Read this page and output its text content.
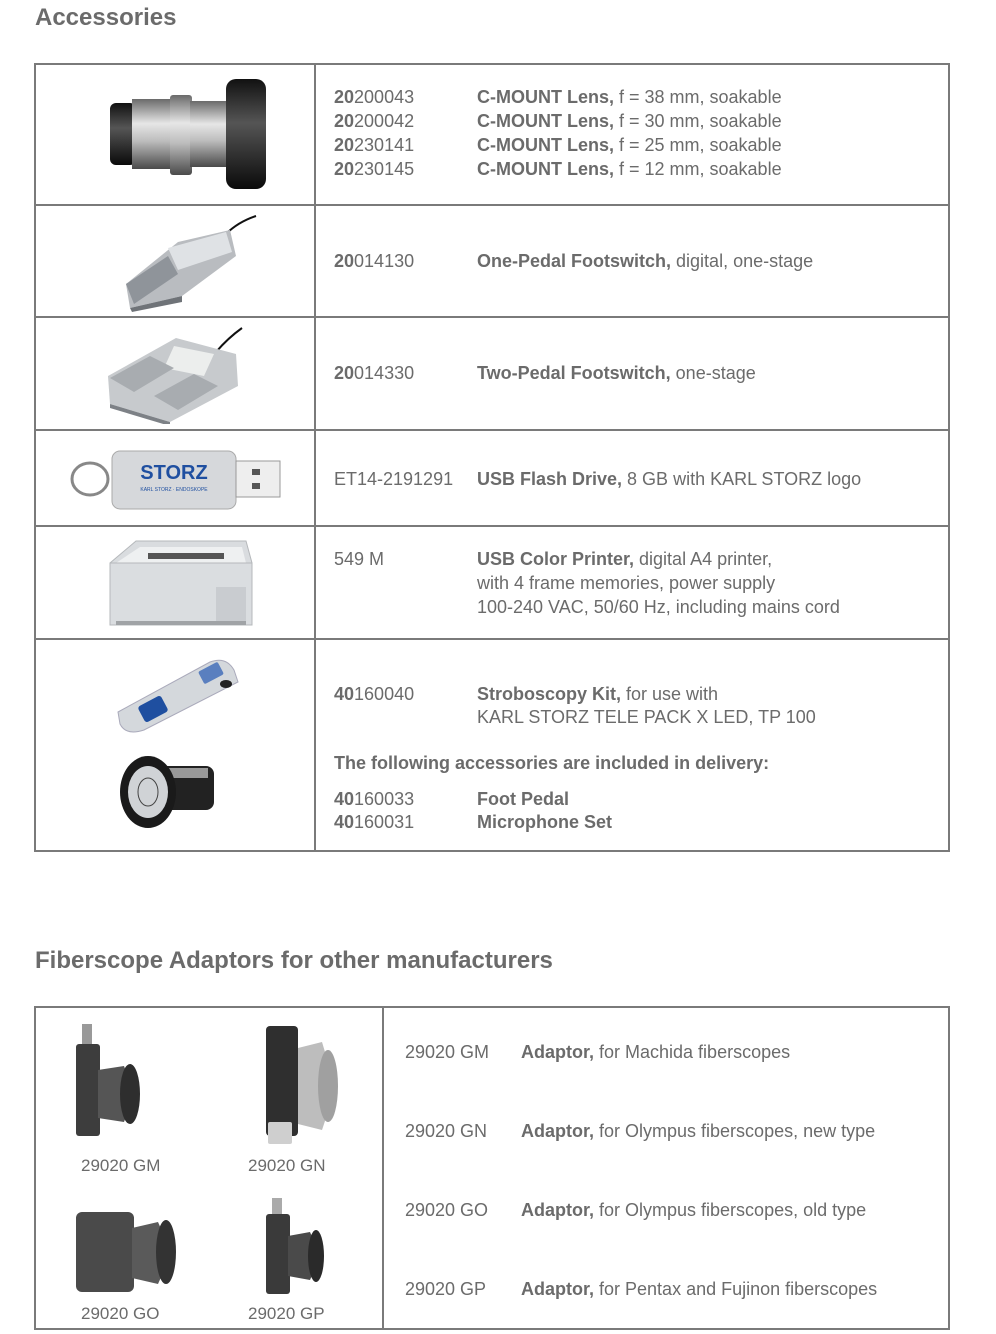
Accessories

20200043 C-MOUNT Lens, f = 38 mm, soakable
20200042 C-MOUNT Lens, f = 30 mm, soakable
20230141 C-MOUNT Lens, f = 25 mm, soakable
20230145 C-MOUNT Lens, f = 12 mm, soakable

20014130 One-Pedal Footswitch, digital, one-stage

20014330 Two-Pedal Footswitch, one-stage

STORZ
KARL STORZ · ENDOSKOPE	ET14-2191291 USB Flash Drive, 8 GB with KARL STORZ logo

549 M USB Color Printer, digital A4 printer,
with 4 frame memories, power supply
100-240 VAC, 50/60 Hz, including mains cord

40160040 Stroboscopy Kit, for use with
KARL STORZ TELE PACK X LED, TP 100
The following accessories are included in delivery:
40160033 Foot Pedal
40160031 Microphone Set
Fiberscope Adaptors for other manufacturers
29020 GM	29020 GN
29020 GO	29020 GP

29020 GM Adaptor, for Machida fiberscopes
29020 GN Adaptor, for Olympus fiberscopes, new type
29020 GO Adaptor, for Olympus fiberscopes, old type
29020 GP Adaptor, for Pentax and Fujinon fiberscopes
